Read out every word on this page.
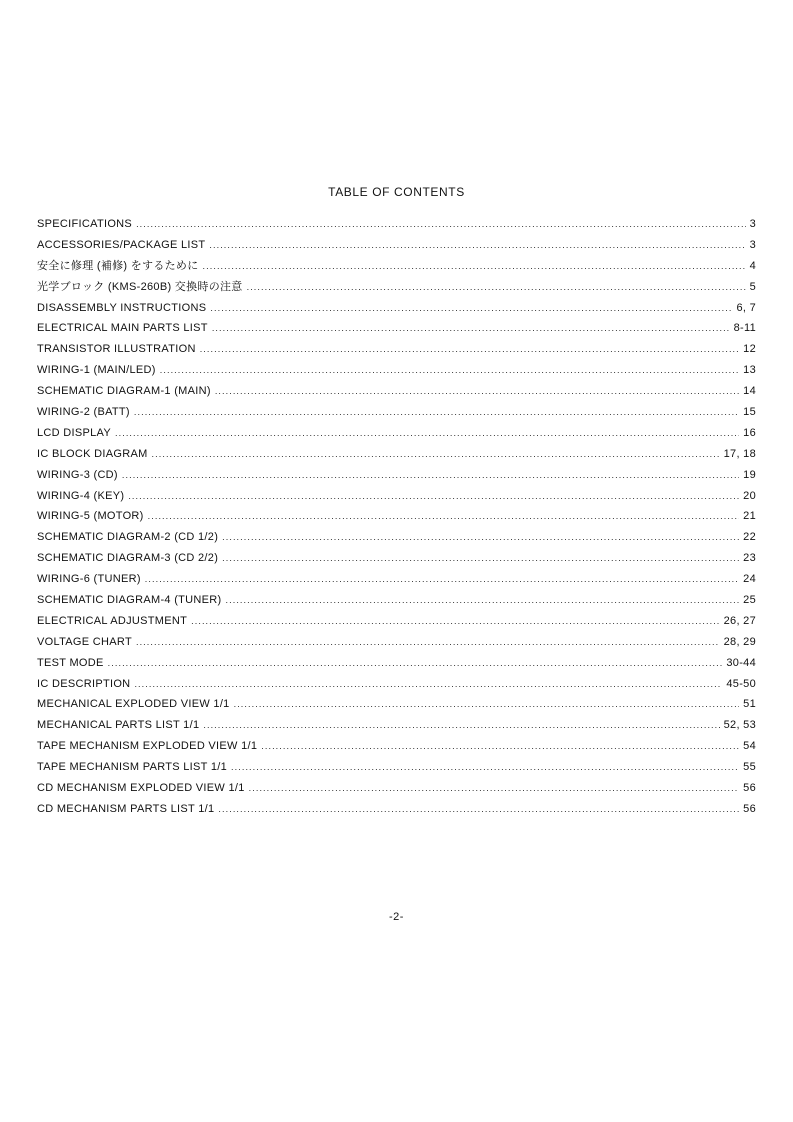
TABLE OF CONTENTS
SPECIFICATIONS .....	3
ACCESSORIES/PACKAGE LIST .....	3
安全に修理 (補修) をするために .....	4
光学ブロック (KMS-260B) 交換時の注意 .....	5
DISASSEMBLY INSTRUCTIONS .....	6, 7
ELECTRICAL MAIN PARTS LIST .....	8-11
TRANSISTOR ILLUSTRATION .....	12
WIRING-1 (MAIN/LED) .....	13
SCHEMATIC DIAGRAM-1 (MAIN) .....	14
WIRING-2 (BATT) .....	15
LCD DISPLAY .....	16
IC BLOCK DIAGRAM .....	17, 18
WIRING-3 (CD) .....	19
WIRING-4 (KEY) .....	20
WIRING-5 (MOTOR) .....	21
SCHEMATIC DIAGRAM-2 (CD 1/2) .....	22
SCHEMATIC DIAGRAM-3 (CD 2/2) .....	23
WIRING-6 (TUNER) .....	24
SCHEMATIC DIAGRAM-4 (TUNER) .....	25
ELECTRICAL ADJUSTMENT .....	26, 27
VOLTAGE CHART .....	28, 29
TEST MODE .....	30-44
IC DESCRIPTION .....	45-50
MECHANICAL EXPLODED VIEW 1/1 .....	51
MECHANICAL PARTS LIST 1/1 .....	52, 53
TAPE MECHANISM EXPLODED VIEW 1/1 .....	54
TAPE MECHANISM PARTS LIST 1/1 .....	55
CD MECHANISM EXPLODED VIEW 1/1 .....	56
CD MECHANISM PARTS LIST 1/1 .....	56
-2-
